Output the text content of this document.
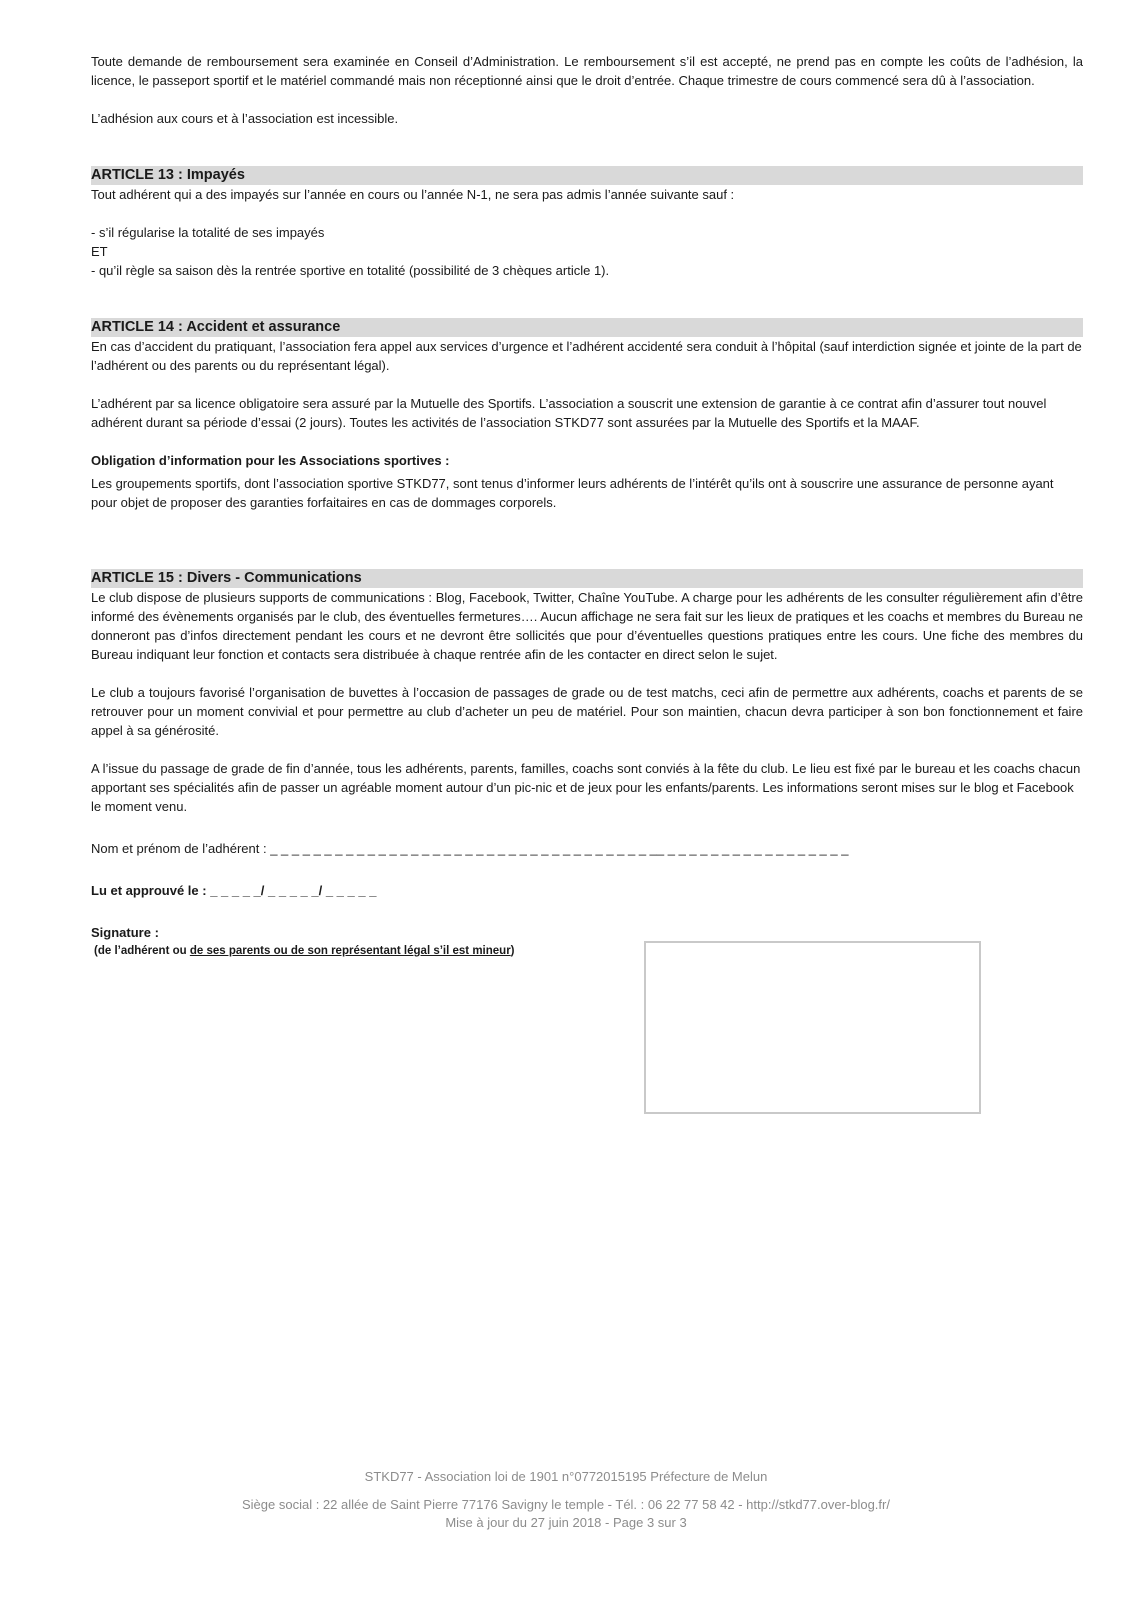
Toute demande de remboursement sera examinée en Conseil d’Administration. Le remboursement s’il est accepté, ne prend pas en compte les coûts de l’adhésion, la licence, le passeport sportif et le matériel commandé mais non réceptionné ainsi que le droit d’entrée. Chaque trimestre de cours commencé sera dû à l’association.

L’adhésion aux cours et à l’association est incessible.

ARTICLE 13 : Impayés

Tout adhérent qui a des impayés sur l’année en cours ou l’année N-1, ne sera pas admis l’année suivante sauf :

- s’il régularise la totalité de ses impayés

ET

- qu’il règle sa saison dès la rentrée sportive en totalité (possibilité de 3 chèques article 1).

ARTICLE 14 : Accident et assurance

En cas d’accident du pratiquant, l’association fera appel aux services d’urgence et l’adhérent accidenté sera conduit à l’hôpital (sauf interdiction signée et jointe de la part de l’adhérent ou des parents ou du représentant légal).

L’adhérent par sa licence obligatoire sera assuré par la Mutuelle des Sportifs. L’association a souscrit une extension de garantie à ce contrat afin d’assurer tout nouvel adhérent durant sa période d’essai (2 jours). Toutes les activités de l’association STKD77 sont assurées par la Mutuelle des Sportifs et la MAAF.

Obligation d’information pour les Associations sportives :

Les groupements sportifs, dont l’association sportive STKD77, sont tenus d’informer leurs adhérents de l’intérêt qu’ils ont à souscrire une assurance de personne ayant pour objet de proposer des garanties forfaitaires en cas de dommages corporels.

ARTICLE 15 : Divers - Communications

Le club dispose de plusieurs supports de communications : Blog, Facebook, Twitter, Chaîne YouTube. A charge pour les adhérents de les consulter régulièrement afin d’être informé des évènements organisés par le club, des éventuelles fermetures…. Aucun affichage ne sera fait sur les lieux de pratiques et les coachs et membres du Bureau ne donneront pas d’infos directement pendant les cours et ne devront être sollicités que pour d’éventuelles questions pratiques entre les cours. Une fiche des membres du Bureau indiquant leur fonction et contacts sera distribuée à chaque rentrée afin de les contacter en direct selon le sujet.

Le club a toujours favorisé l’organisation de buvettes à l’occasion de passages de grade ou de test matchs, ceci afin de permettre aux adhérents, coachs et parents de se retrouver pour un moment convivial et pour permettre au club d’acheter un peu de matériel. Pour son maintien, chacun devra participer à son bon fonctionnement et faire appel à sa générosité.

A l’issue du passage de grade de fin d’année, tous les adhérents, parents, familles, coachs sont conviés à la fête du club. Le lieu est fixé par le bureau et les coachs chacun apportant ses spécialités afin de passer un agréable moment autour d’un pic-nic et de jeux pour les enfants/parents. Les informations seront mises sur le blog et Facebook le moment venu.

Nom et prénom de l’adhérent : _ _ _ _ _ _ _ _ _ _ _ _ _ _ _ _ _ _ _ _ _ _ _ _ _ _ _ _ _ _ _ _ _ _ _ __ _ _ _ _ _ _ _ _ _ _ _ _ _ _ _ _ _

Lu et approuvé le : _ _ _ _ _/ _ _ _ _ _/ _ _ _ _ _

Signature :

(de l’adhérent ou de ses parents ou de son représentant légal s’il est mineur)

STKD77 - Association loi de 1901 n°0772015195 Préfecture de Melun
Siège social : 22 allée de Saint Pierre 77176 Savigny le temple - Tél. : 06 22 77 58 42 - http://stkd77.over-blog.fr/
Mise à jour du 27 juin 2018 - Page 3 sur 3
